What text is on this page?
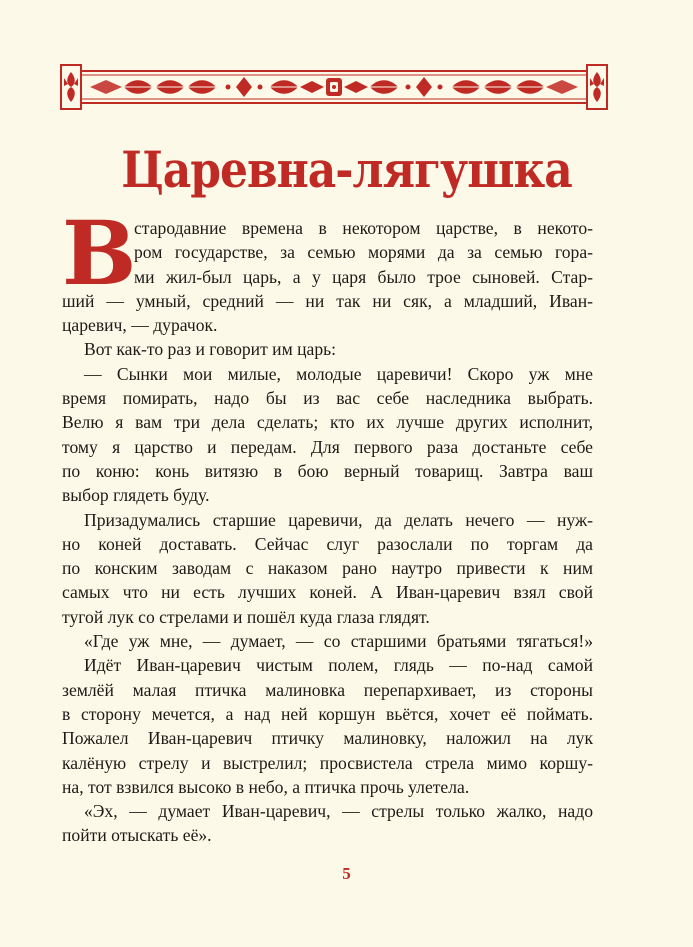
Царевна-лягушка
В
стародавние времена в некотором царстве, в некото-
ром государстве, за семью морями да за семью гора-
ми жил-был царь, а у царя было трое сыновей. Стар-
ший — умный, средний — ни так ни сяк, а младший, Иван-
царевич, — дурачок.
Вот как-то раз и говорит им царь:
— Сынки мои милые, молодые царевичи! Скоро уж мне
время помирать, надо бы из вас себе наследника выбрать.
Велю я вам три дела сделать; кто их лучше других исполнит,
тому я царство и передам. Для первого раза достаньте себе
по коню: конь витязю в бою верный товарищ. Завтра ваш
выбор глядеть буду.
Призадумались старшие царевичи, да делать нечего — нуж-
но коней доставать. Сейчас слуг разослали по торгам да
по конским заводам с наказом рано наутро привести к ним
самых что ни есть лучших коней. А Иван-царевич взял свой
тугой лук со стрелами и пошёл куда глаза глядят.
«Где уж мне, — думает, — со старшими братьями тягаться!»
Идёт Иван-царевич чистым полем, глядь — по-над самой
землёй малая птичка малиновка перепархивает, из стороны
в сторону мечется, а над ней коршун вьётся, хочет её поймать.
Пожалел Иван-царевич птичку малиновку, наложил на лук
калёную стрелу и выстрелил; просвистела стрела мимо коршу-
на, тот взвился высоко в небо, а птичка прочь улетела.
«Эх, — думает Иван-царевич, — стрелы только жалко, надо
пойти отыскать её».
5
